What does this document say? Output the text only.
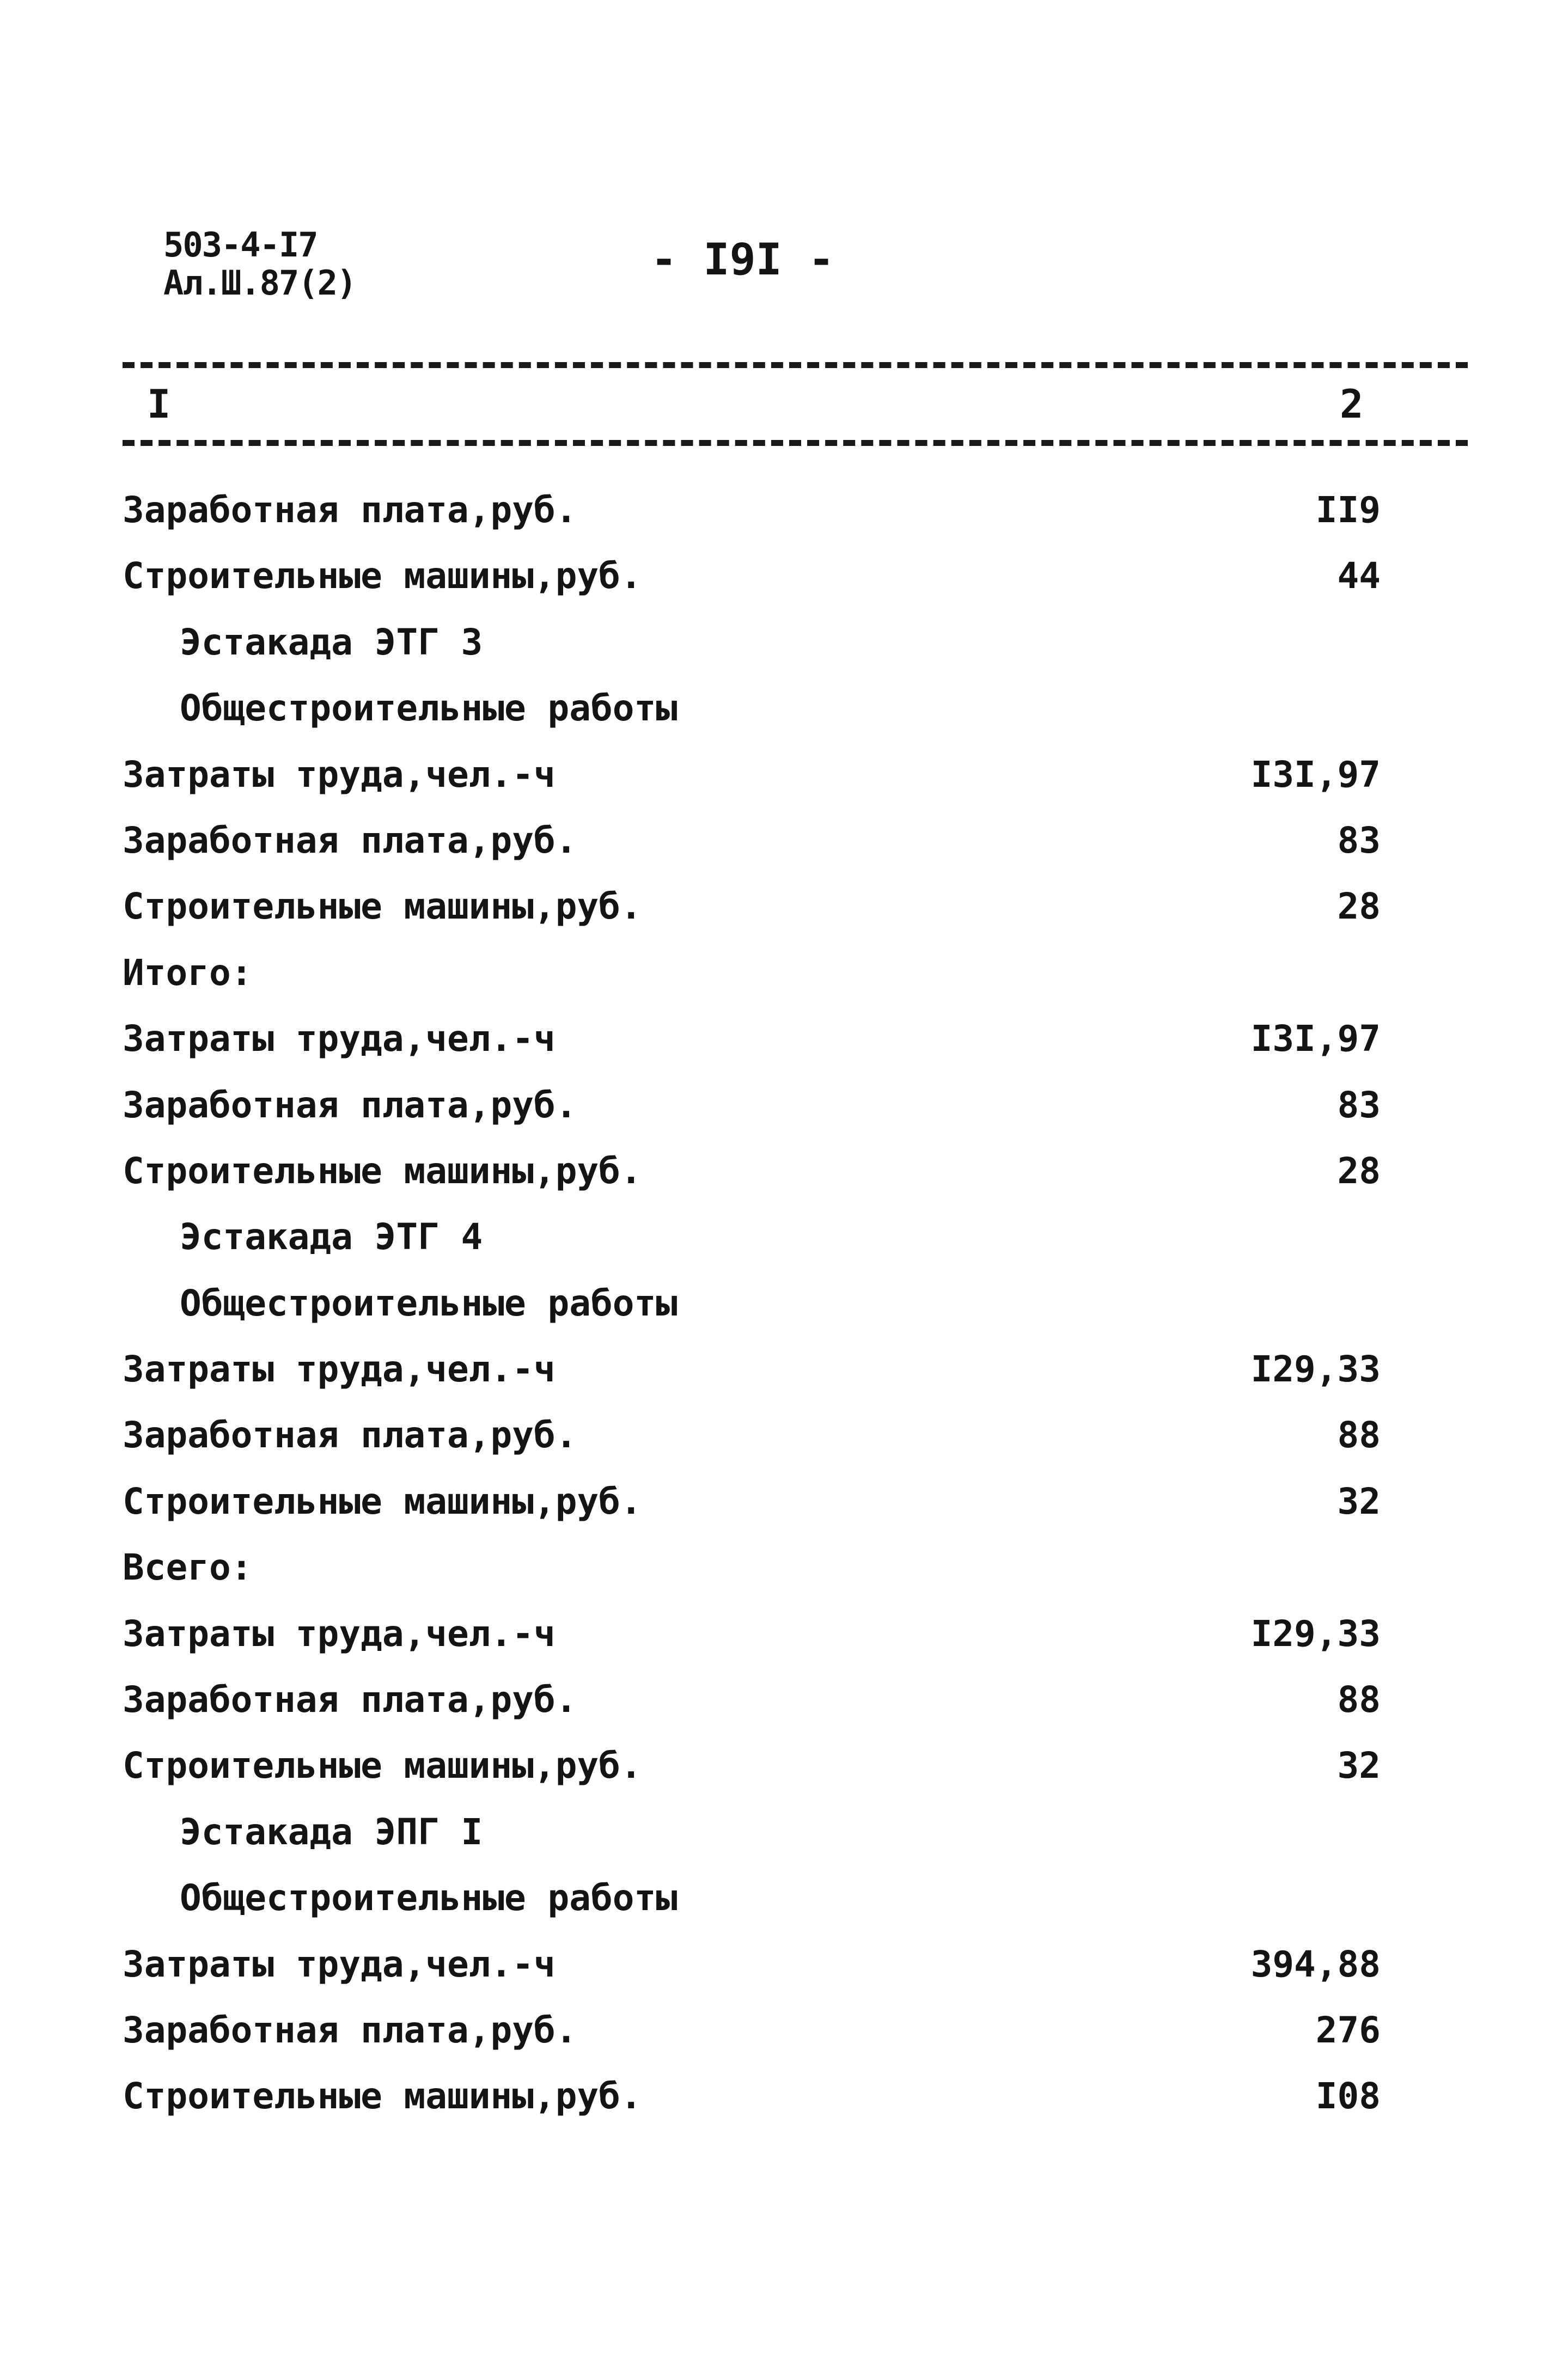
503-4-I7
Ал.Ш.87(2)	- I9I -
I	2
Заработная плата,руб.	II9
Строительные машины,руб.	44
Эстакада ЭТГ 3
Общестроительные работы
Затраты труда,чел.-ч	I3I,97
Заработная плата,руб.	83
Строительные машины,руб.	28
Итого:
Затраты труда,чел.-ч	I3I,97
Заработная плата,руб.	83
Строительные машины,руб.	28
Эстакада ЭТГ 4
Общестроительные работы
Затраты труда,чел.-ч	I29,33
Заработная плата,руб.	88
Строительные машины,руб.	32
Всего:
Затраты труда,чел.-ч	I29,33
Заработная плата,руб.	88
Строительные машины,руб.	32
Эстакада ЭПГ I
Общестроительные работы
Затраты труда,чел.-ч	394,88
Заработная плата,руб.	276
Строительные машины,руб.	I08
